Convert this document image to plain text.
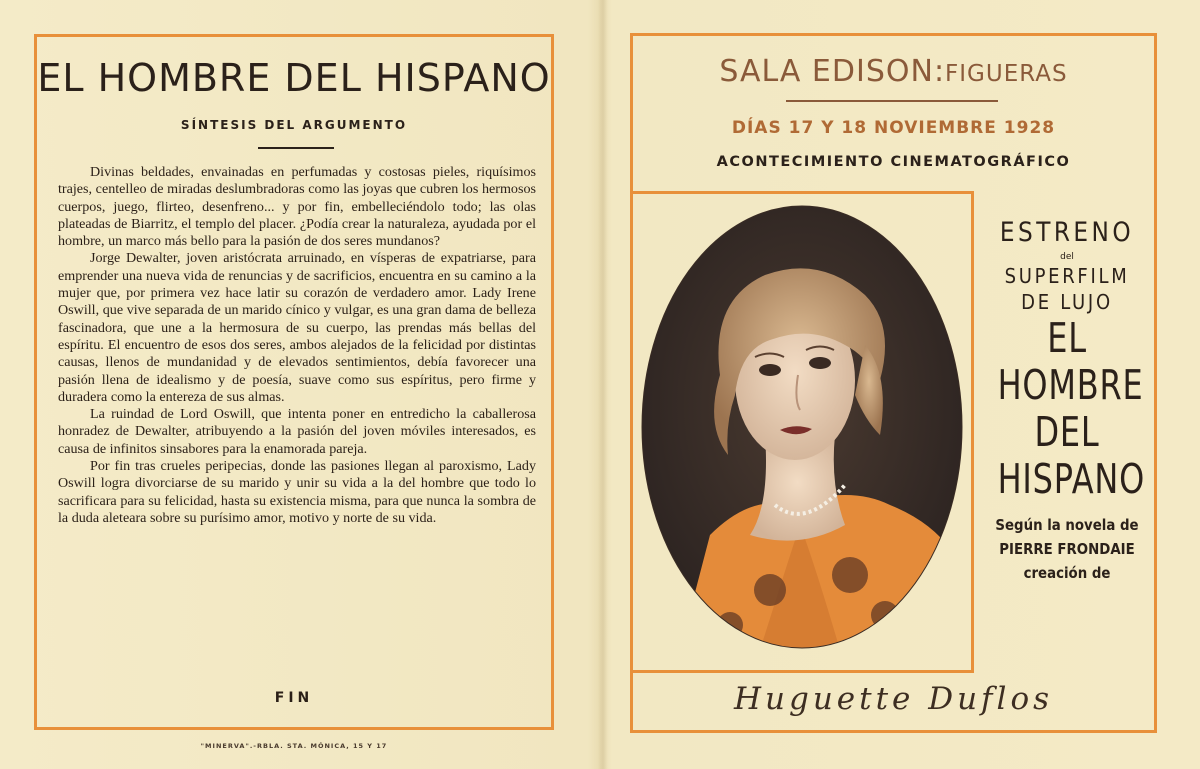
EL HOMBRE DEL HISPANO
SÍNTESIS DEL ARGUMENTO

Divinas beldades, envainadas en perfumadas y costosas pieles, riquísimos trajes, centelleo de miradas deslumbradoras como las joyas que cubren los hermosos cuerpos, juego, flirteo, desenfreno... y por fin, embelleciéndolo todo; las olas plateadas de Biarritz, el templo del placer. ¿Podía crear la naturaleza, ayudada por el hombre, un marco más bello para la pasión de dos seres mundanos?

Jorge Dewalter, joven aristócrata arruinado, en vísperas de expatriarse, para emprender una nueva vida de renuncias y de sacrificios, encuentra en su camino a la mujer que, por primera vez hace latir su corazón de verdadero amor. Lady Irene Oswill, que vive separada de un marido cínico y vulgar, es una gran dama de belleza fascinadora, que une a la hermosura de su cuerpo, las prendas más bellas del espíritu. El encuentro de esos dos seres, ambos alejados de la felicidad por distintas causas, llenos de mundanidad y de elevados sentimientos, debía favorecer una pasión llena de idealismo y de poesía, suave como sus espíritus, pero firme y duradera como la entereza de sus almas.

La ruindad de Lord Oswill, que intenta poner en entredicho la caballerosa honradez de Dewalter, atribuyendo a la pasión del joven móviles interesados, es causa de infinitos sinsabores para la enamorada pareja.

Por fin tras crueles peripecias, donde las pasiones llegan al paroxismo, Lady Oswill logra divorciarse de su marido y unir su vida a la del hombre que todo lo sacrificara para su felicidad, hasta su existencia misma, para que nunca la sombra de la duda aleteara sobre su purísimo amor, motivo y norte de su vida.

FIN
"MINERVA".-RBLA. STA. MÓNICA, 15 Y 17
SALA EDISON:FIGUERAS
DÍAS 17 Y 18 NOVIEMBRE 1928
ACONTECIMIENTO CINEMATOGRÁFICO
ESTRENO
del
SUPERFILM
DE LUJO
EL
HOMBRE
DEL
HISPANO
Según la novela de
PIERRE FRONDAIE
creación de
Huguette Duflos
